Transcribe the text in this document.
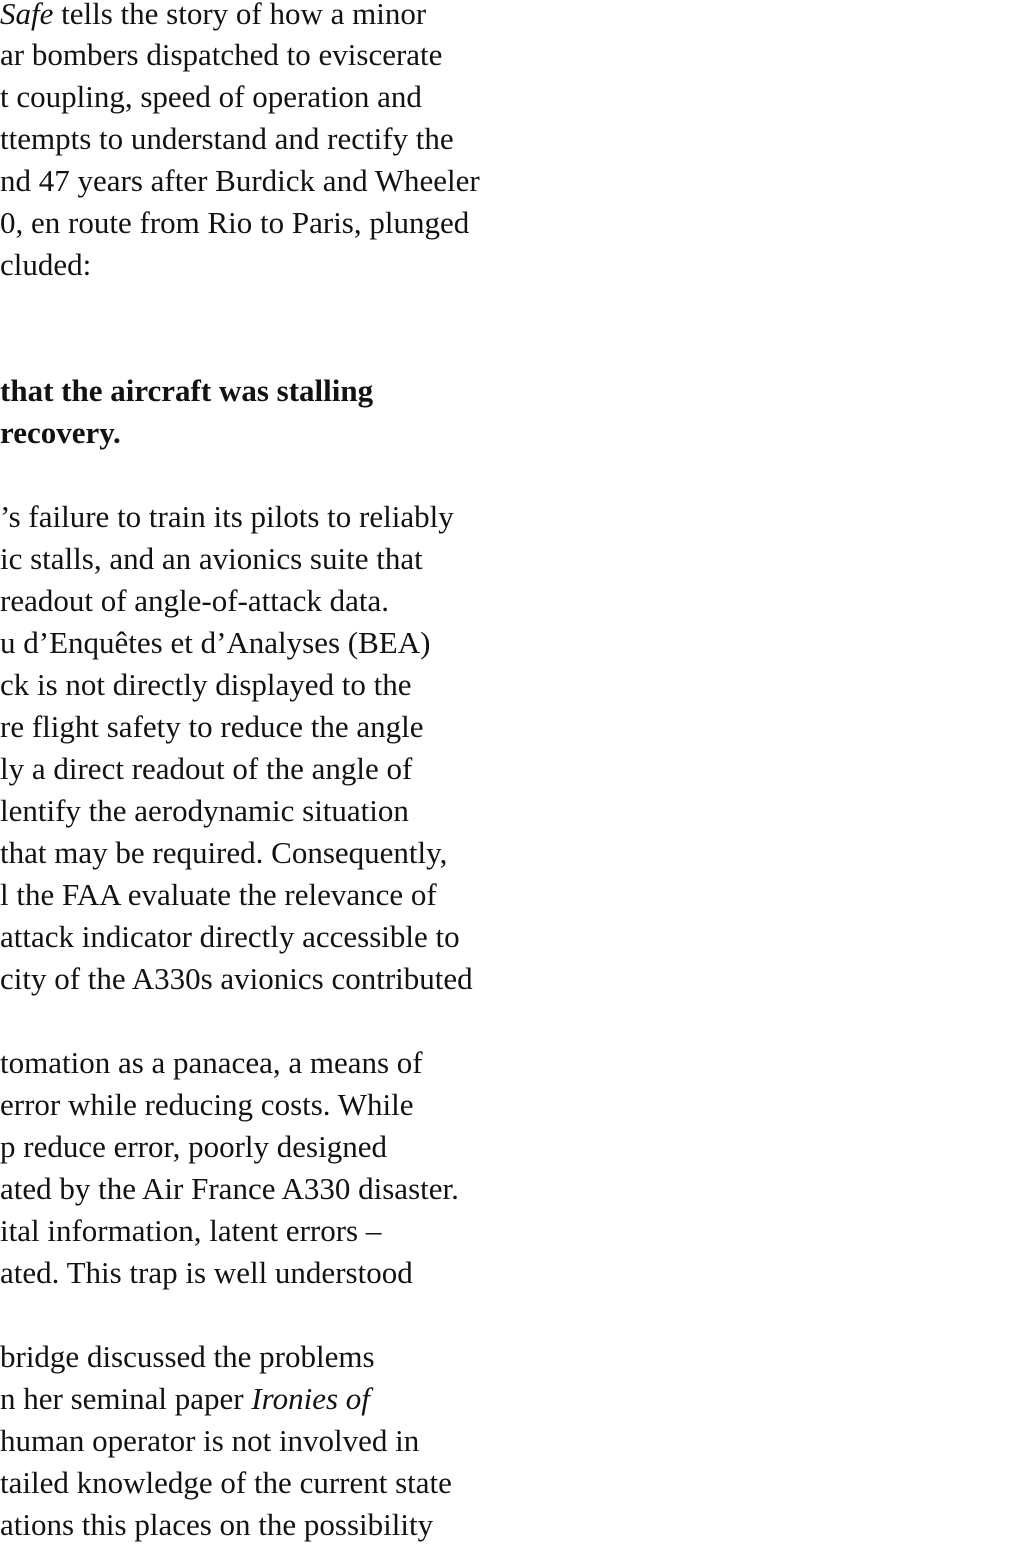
Safe tells the story of how a minor
ar bombers dispatched to eviscerate
t coupling, speed of operation and
ttempts to understand and rectify the
nd 47 years after Burdick and Wheeler
0, en route from Rio to Paris, plunged
cluded:
that the aircraft was stalling
recovery.
’s failure to train its pilots to reliably
ic stalls, and an avionics suite that
readout of angle-of-attack data.
u d’Enquêtes et d’Analyses (BEA)
ck is not directly displayed to the
re flight safety to reduce the angle
ly a direct readout of the angle of
lentify the aerodynamic situation
that may be required. Consequently,
l the FAA evaluate the relevance of
attack indicator directly accessible to
city of the A330s avionics contributed
tomation as a panacea, a means of
error while reducing costs. While
p reduce error, poorly designed
ated by the Air France A330 disaster.
ital information, latent errors –
ated. This trap is well understood
bridge discussed the problems
n her seminal paper Ironies of
human operator is not involved in
tailed knowledge of the current state
ations this places on the possibility
